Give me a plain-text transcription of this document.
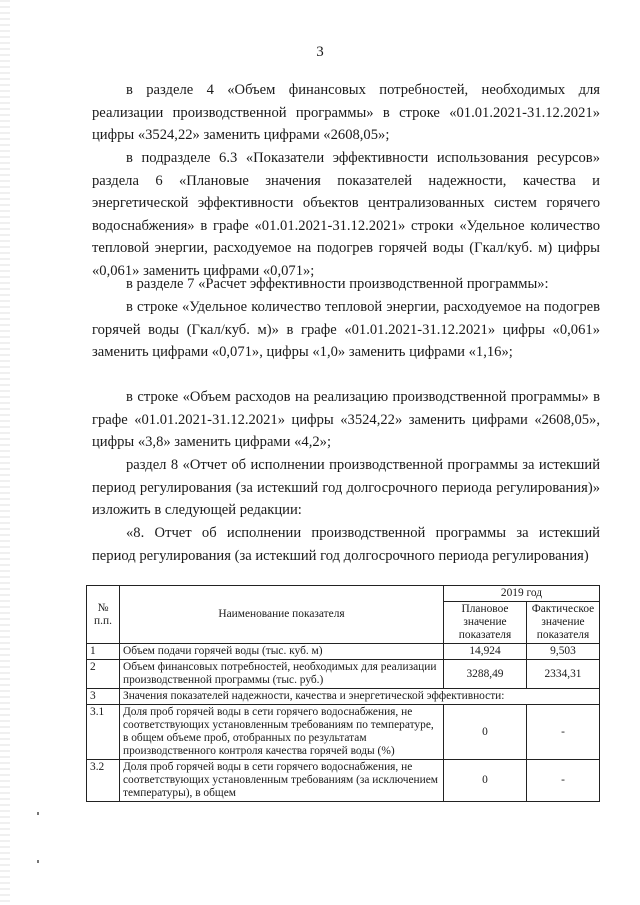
3

в разделе 4 «Объем финансовых потребностей, необходимых для реализации производственной программы» в строке «01.01.2021-31.12.2021» цифры «3524,22» заменить цифрами «2608,05»;

в подразделе 6.3 «Показатели эффективности использования ресурсов» раздела 6 «Плановые значения показателей надежности, качества и энергетической эффективности объектов централизованных систем горячего водоснабжения» в графе «01.01.2021-31.12.2021» строки «Удельное количество тепловой энергии, расходуемое на подогрев горячей воды (Гкал/куб. м) цифры «0,061» заменить цифрами «0,071»;

в разделе 7 «Расчет эффективности производственной программы»:

в строке «Удельное количество тепловой энергии, расходуемое на подогрев горячей воды (Гкал/куб. м)» в графе «01.01.2021-31.12.2021» цифры «0,061» заменить цифрами «0,071», цифры «1,0» заменить цифрами «1,16»;

в строке «Объем расходов на реализацию производственной программы» в графе «01.01.2021-31.12.2021» цифры «3524,22» заменить цифрами «2608,05», цифры «3,8» заменить цифрами «4,2»;

раздел 8 «Отчет об исполнении производственной программы за истекший период регулирования (за истекший год долгосрочного периода регулирования)» изложить в следующей редакции:

«8. Отчет об исполнении производственной программы за истекший период регулирования (за истекший год долгосрочного периода регулирования)

№ п.п.	Наименование показателя	2019 год	
		Плановое значение показателя	Фактическое значение показателя
1	Объем подачи горячей воды (тыс. куб. м)	14,924	9,503
2	Объем финансовых потребностей, необходимых для реализации производственной программы (тыс. руб.)	3288,49	2334,31
3	Значения показателей надежности, качества и энергетической эффективности:		
3.1	Доля проб горячей воды в сети горячего водоснабжения, не соответствующих установленным требованиям по температуре, в общем объеме проб, отобранных по результатам производственного контроля качества горячей воды (%)	0	-
3.2	Доля проб горячей воды в сети горячего водоснабжения, не соответствующих установленным требованиям (за исключением температуры), в общем	0	-
